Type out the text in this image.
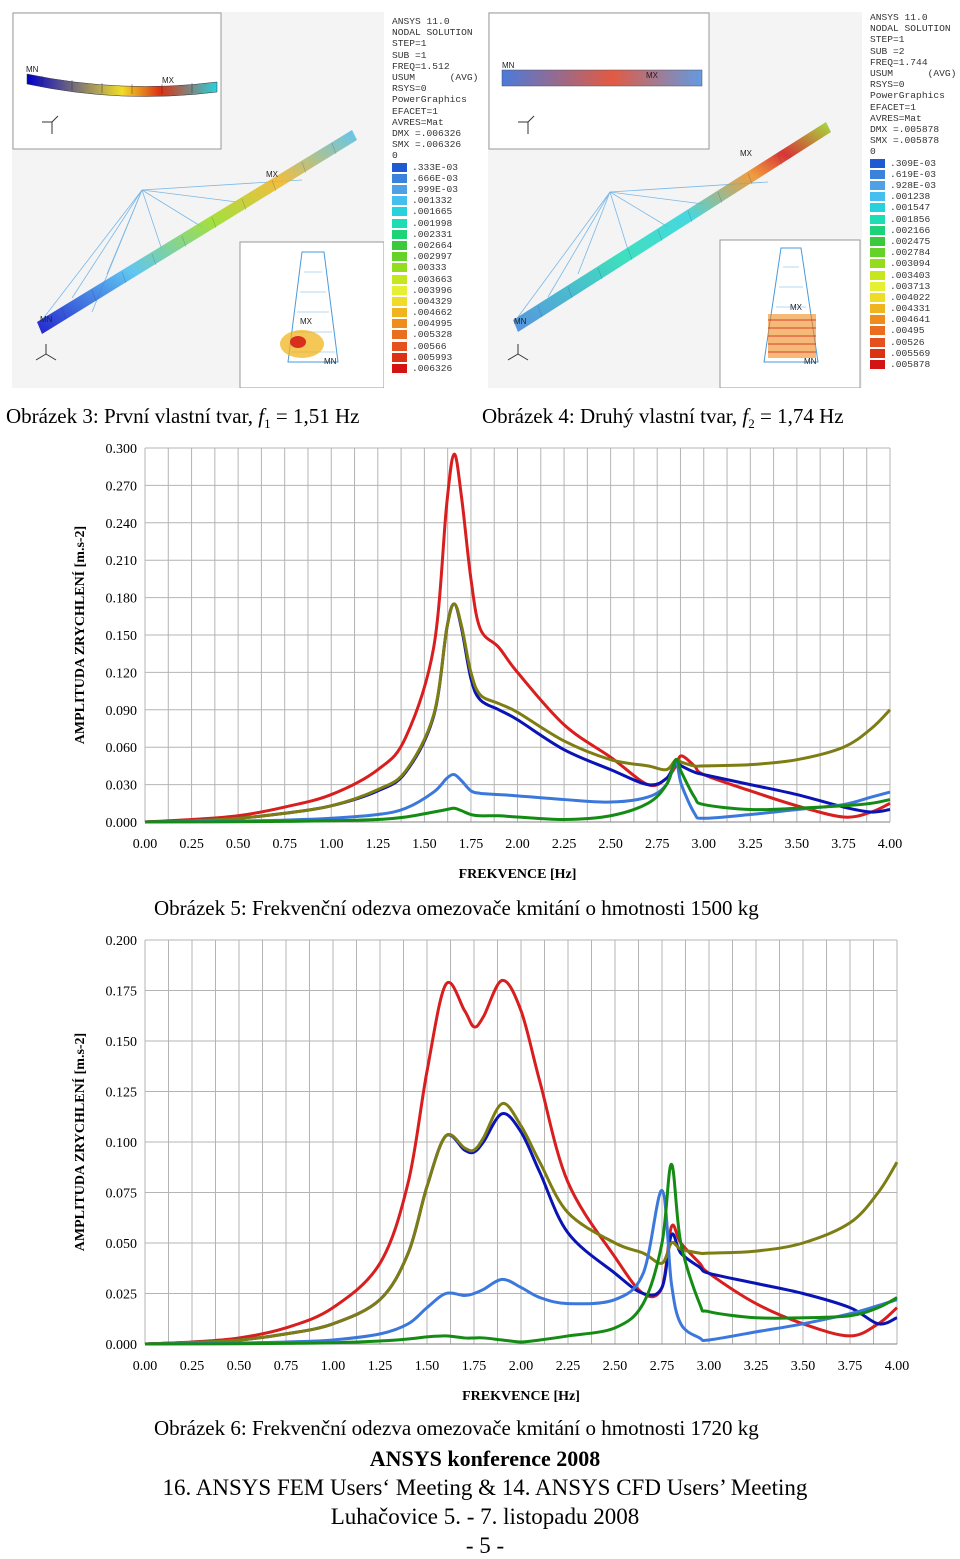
MN
MX
MX
MN	MX
MN
ANSYS 11.0
NODAL SOLUTION
STEP=1
SUB =1
FREQ=1.512
USUM      (AVG)
RSYS=0
PowerGraphics
EFACET=1
AVRES=Mat
DMX =.006326
SMX =.006326
0
.333E-03
.666E-03
.999E-03
.001332
.001665
.001998
.002331
.002664
.002997
.00333
.003663
.003996
.004329
.004662
.004995
.005328
.00566
.005993
.006326
MN
MX
MX
MN
MX
MN
ANSYS 11.0
NODAL SOLUTION
STEP=1
SUB =2
FREQ=1.744
USUM      (AVG)
RSYS=0
PowerGraphics
EFACET=1
AVRES=Mat
DMX =.005878
SMX =.005878
0
.309E-03
.619E-03
.928E-03
.001238
.001547
.001856
.002166
.002475
.002784
.003094
.003403
.003713
.004022
.004331
.004641
.00495
.00526
.005569
.005878
Obrázek 3: První vlastní tvar, $f_1 = 1,51$ Hz	Obrázek 4: Druhý vlastní tvar, $f_2 = 1,74$ Hz
0.000
0.030
0.060
0.090
0.120
0.150
0.180
0.210
0.240
0.270
0.300
0.00 0.25 0.50 0.75 1.00 1.25 1.50 1.75 2.00 2.25 2.50 2.75 3.00 3.25 3.50 3.75 4.00
FREKVENCE [Hz]
AMPLITUDA ZRYCHLENÍ [m.s-2]
Obrázek 5: Frekvenční odezva omezovače kmitání o hmotnosti 1500 kg
0.000
0.025
0.050
0.075
0.100
0.125
0.150
0.175
0.200
0.00 0.25 0.50 0.75 1.00 1.25 1.50 1.75 2.00 2.25 2.50 2.75 3.00 3.25 3.50 3.75 4.00
FREKVENCE [Hz]
AMPLITUDA ZRYCHLENÍ [m.s-2]
Obrázek 6: Frekvenční odezva omezovače kmitání o hmotnosti 1720 kg
ANSYS konference 2008
16. ANSYS FEM Users‘ Meeting & 14. ANSYS CFD Users’ Meeting
Luhačovice 5. - 7. listopadu 2008
- 5 -
